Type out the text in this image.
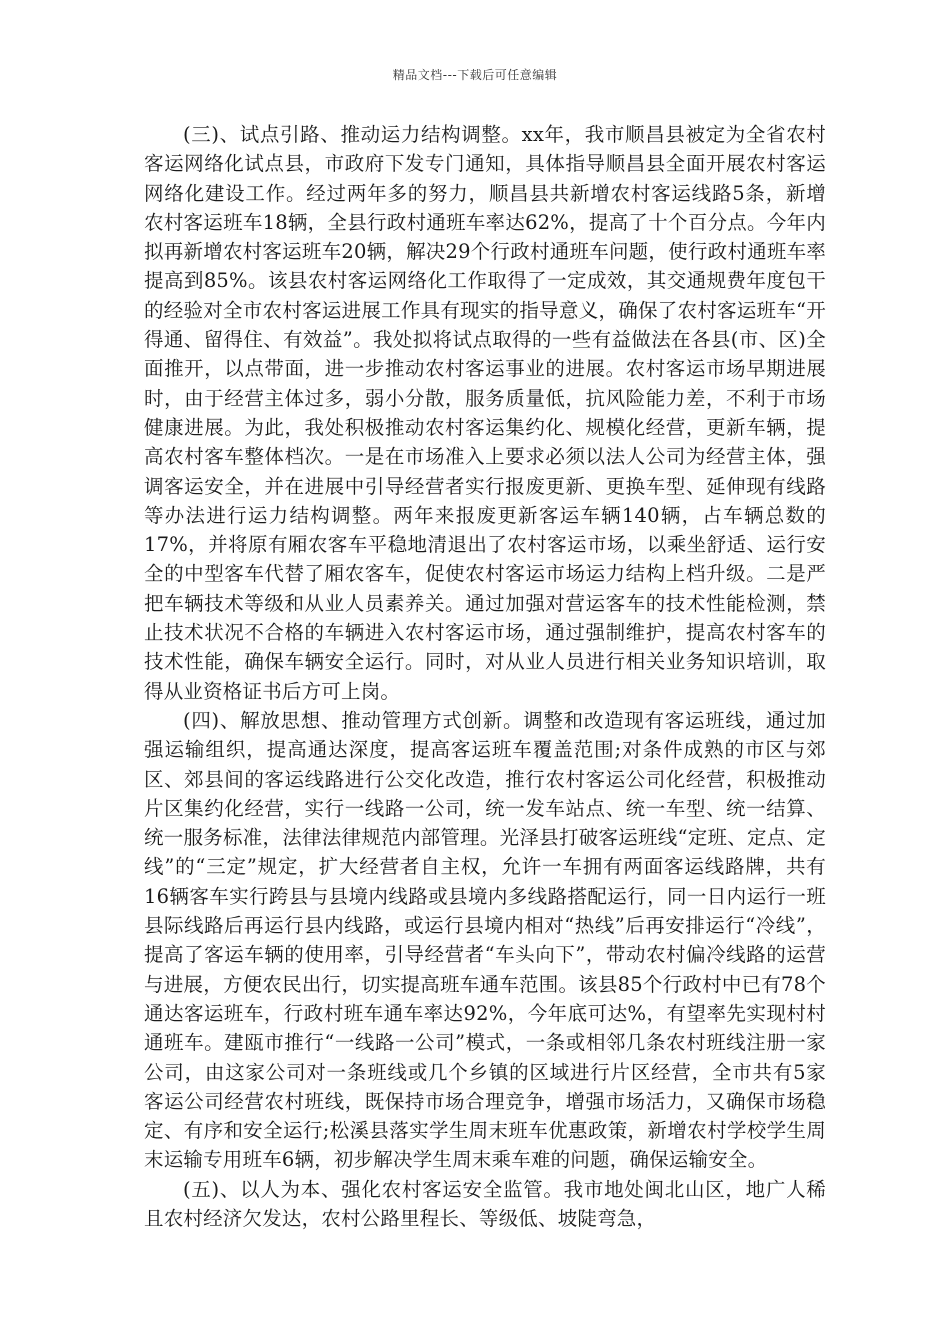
精品文档---下载后可任意编辑

(三)、试点引路、推动运力结构调整。xx年，我市顺昌县被定为全省农村客运网络化试点县，市政府下发专门通知，具体指导顺昌县全面开展农村客运网络化建设工作。经过两年多的努力，顺昌县共新增农村客运线路5条，新增农村客运班车18辆，全县行政村通班车率达62%，提高了十个百分点。今年内拟再新增农村客运班车20辆，解决29个行政村通班车问题，使行政村通班车率提高到85%。该县农村客运网络化工作取得了一定成效，其交通规费年度包干的经验对全市农村客运进展工作具有现实的指导意义，确保了农村客运班车“开得通、留得住、有效益”。我处拟将试点取得的一些有益做法在各县(市、区)全面推开，以点带面，进一步推动农村客运事业的进展。农村客运市场早期进展时，由于经营主体过多，弱小分散，服务质量低，抗风险能力差，不利于市场健康进展。为此，我处积极推动农村客运集约化、规模化经营，更新车辆，提高农村客车整体档次。一是在市场准入上要求必须以法人公司为经营主体，强调客运安全，并在进展中引导经营者实行报废更新、更换车型、延伸现有线路等办法进行运力结构调整。两年来报废更新客运车辆140辆，占车辆总数的17%，并将原有厢农客车平稳地清退出了农村客运市场，以乘坐舒适、运行安全的中型客车代替了厢农客车，促使农村客运市场运力结构上档升级。二是严把车辆技术等级和从业人员素养关。通过加强对营运客车的技术性能检测，禁止技术状况不合格的车辆进入农村客运市场，通过强制维护，提高农村客车的技术性能，确保车辆安全运行。同时，对从业人员进行相关业务知识培训，取得从业资格证书后方可上岗。

(四)、解放思想、推动管理方式创新。调整和改造现有客运班线，通过加强运输组织，提高通达深度，提高客运班车覆盖范围;对条件成熟的市区与郊区、郊县间的客运线路进行公交化改造，推行农村客运公司化经营，积极推动片区集约化经营，实行一线路一公司，统一发车站点、统一车型、统一结算、统一服务标准，法律法律规范内部管理。光泽县打破客运班线“定班、定点、定线”的“三定”规定，扩大经营者自主权，允许一车拥有两面客运线路牌，共有16辆客车实行跨县与县境内线路或县境内多线路搭配运行，同一日内运行一班县际线路后再运行县内线路，或运行县境内相对“热线”后再安排运行“冷线”，提高了客运车辆的使用率，引导经营者“车头向下”，带动农村偏冷线路的运营与进展，方便农民出行，切实提高班车通车范围。该县85个行政村中已有78个通达客运班车，行政村班车通车率达92%，今年底可达%，有望率先实现村村通班车。建瓯市推行“一线路一公司”模式，一条或相邻几条农村班线注册一家公司，由这家公司对一条班线或几个乡镇的区域进行片区经营，全市共有5家客运公司经营农村班线，既保持市场合理竞争，增强市场活力，又确保市场稳定、有序和安全运行;松溪县落实学生周末班车优惠政策，新增农村学校学生周末运输专用班车6辆，初步解决学生周末乘车难的问题，确保运输安全。

(五)、以人为本、强化农村客运安全监管。我市地处闽北山区，地广人稀且农村经济欠发达，农村公路里程长、等级低、坡陡弯急，
